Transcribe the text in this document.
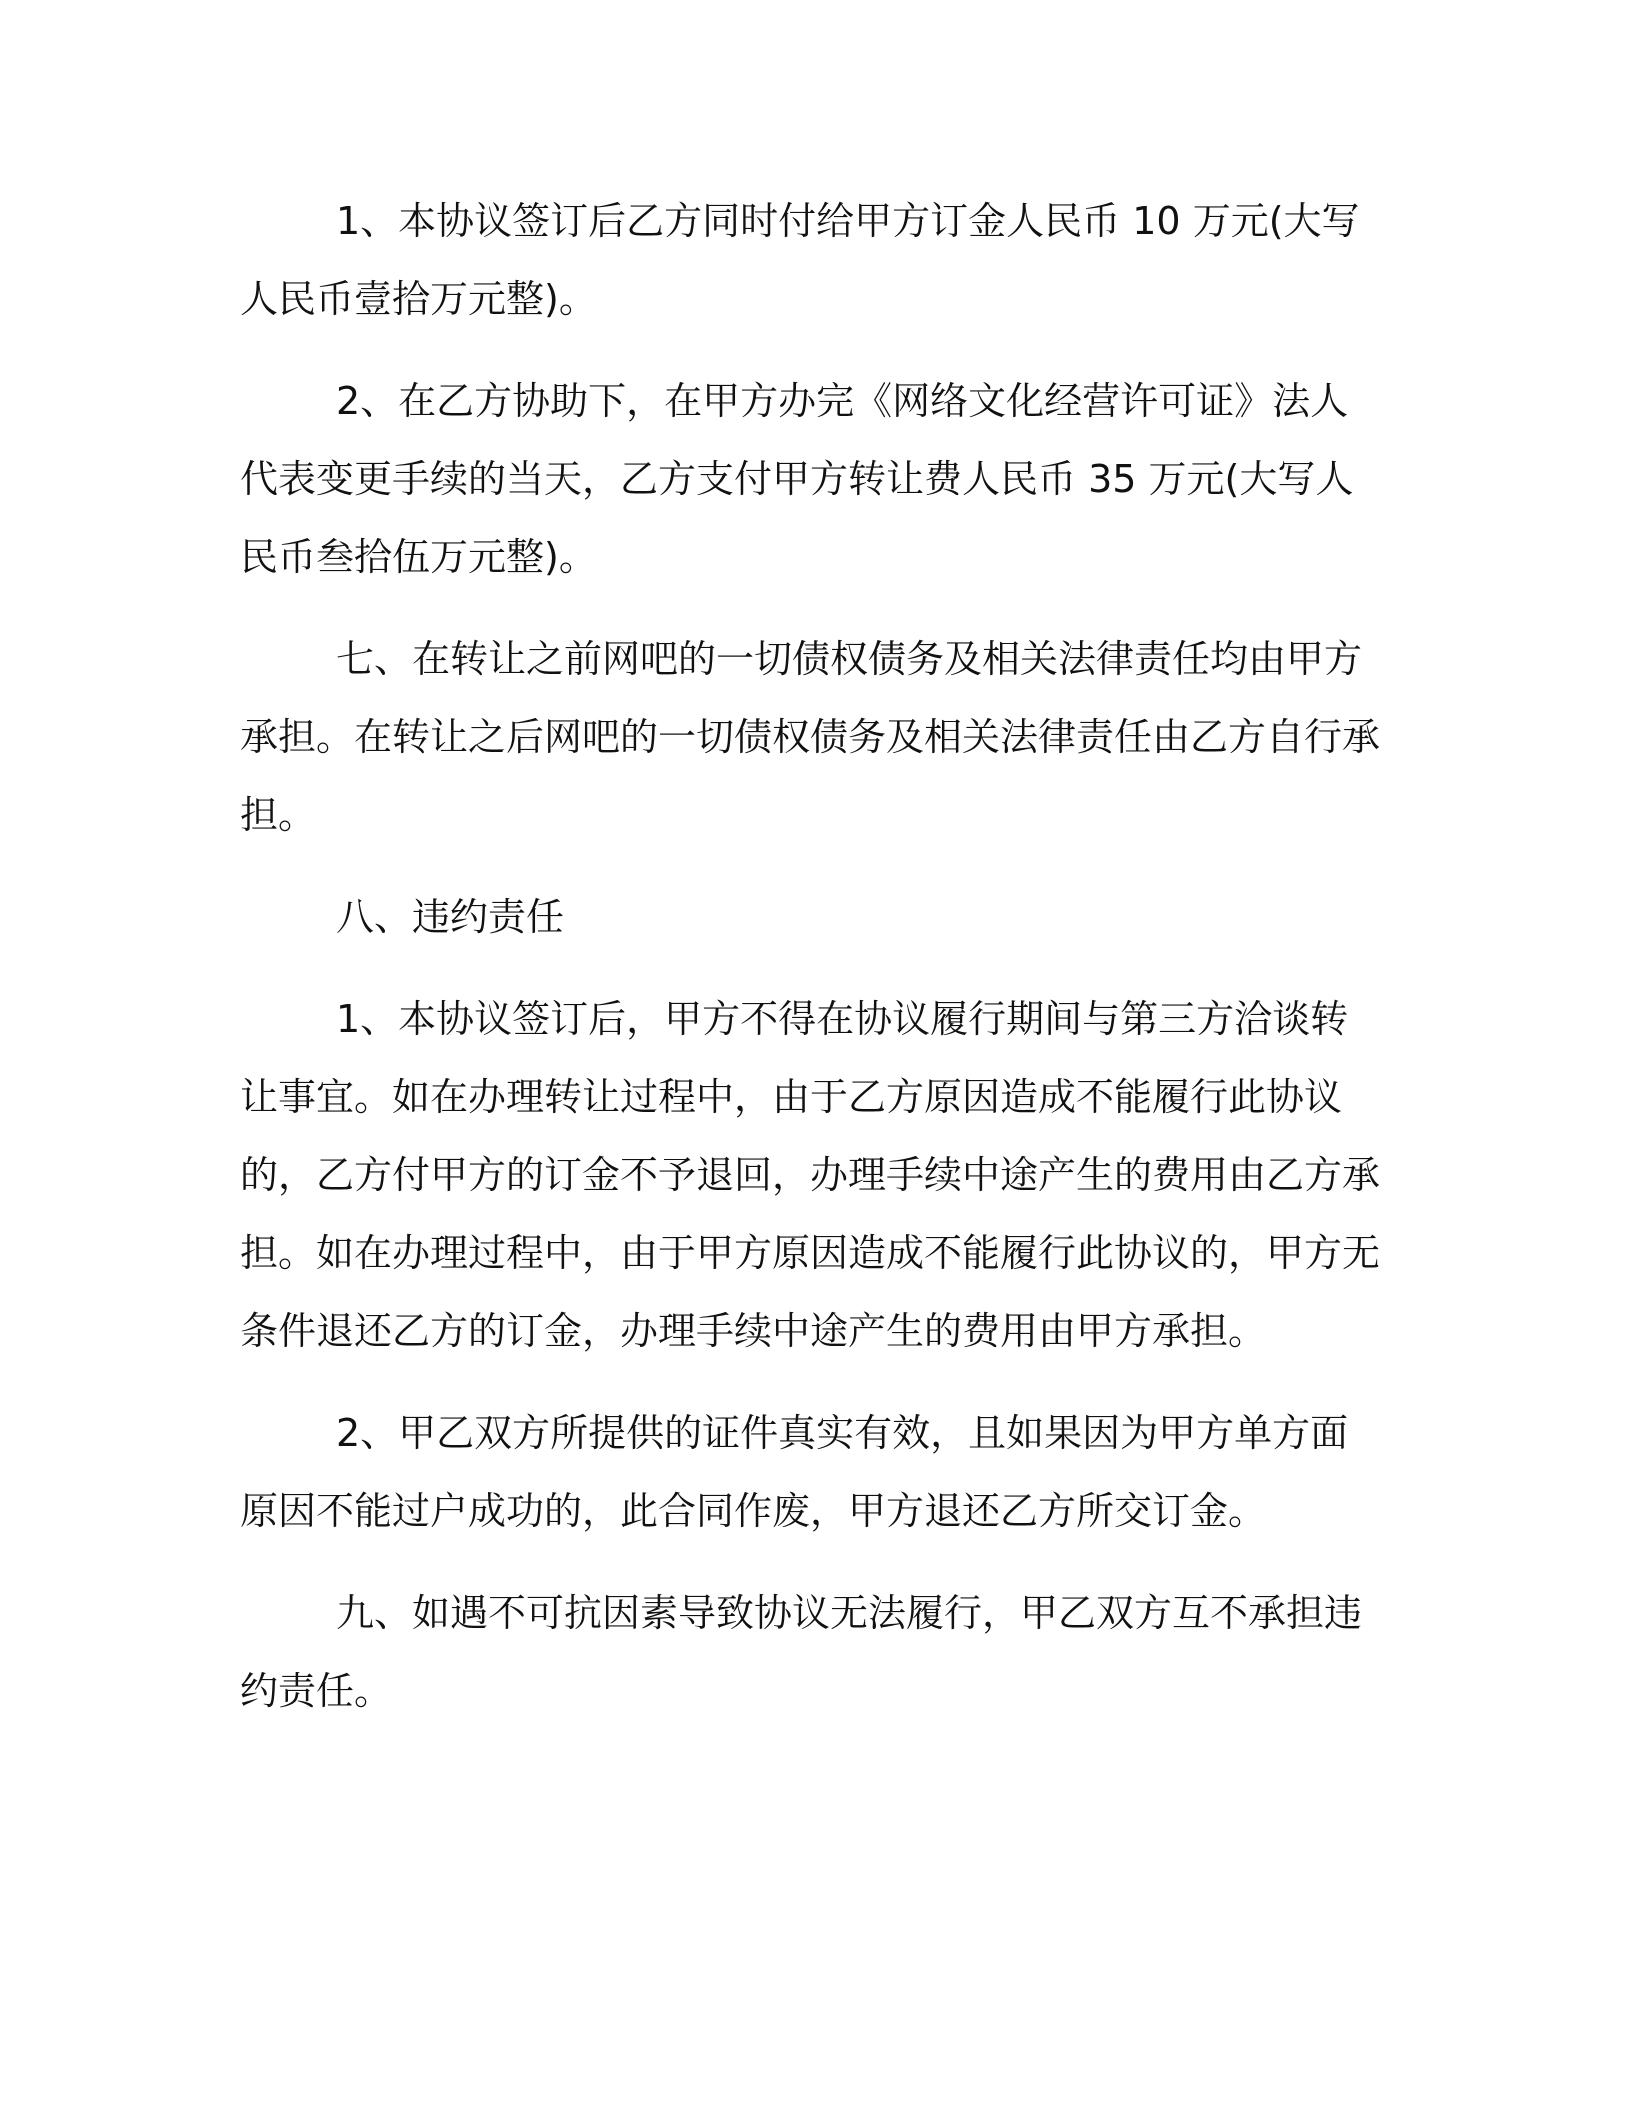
1、本协议签订后乙方同时付给甲方订金人民币 10 万元(大写人民币壹拾万元整)。

2、在乙方协助下，在甲方办完《网络文化经营许可证》法人代表变更手续的当天，乙方支付甲方转让费人民币 35 万元(大写人民币叁拾伍万元整)。

七、在转让之前网吧的一切债权债务及相关法律责任均由甲方承担。在转让之后网吧的一切债权债务及相关法律责任由乙方自行承担。

八、违约责任

1、本协议签订后，甲方不得在协议履行期间与第三方洽谈转让事宜。如在办理转让过程中，由于乙方原因造成不能履行此协议的，乙方付甲方的订金不予退回，办理手续中途产生的费用由乙方承担。如在办理过程中，由于甲方原因造成不能履行此协议的，甲方无条件退还乙方的订金，办理手续中途产生的费用由甲方承担。

2、甲乙双方所提供的证件真实有效，且如果因为甲方单方面原因不能过户成功的，此合同作废，甲方退还乙方所交订金。

九、如遇不可抗因素导致协议无法履行，甲乙双方互不承担违约责任。
